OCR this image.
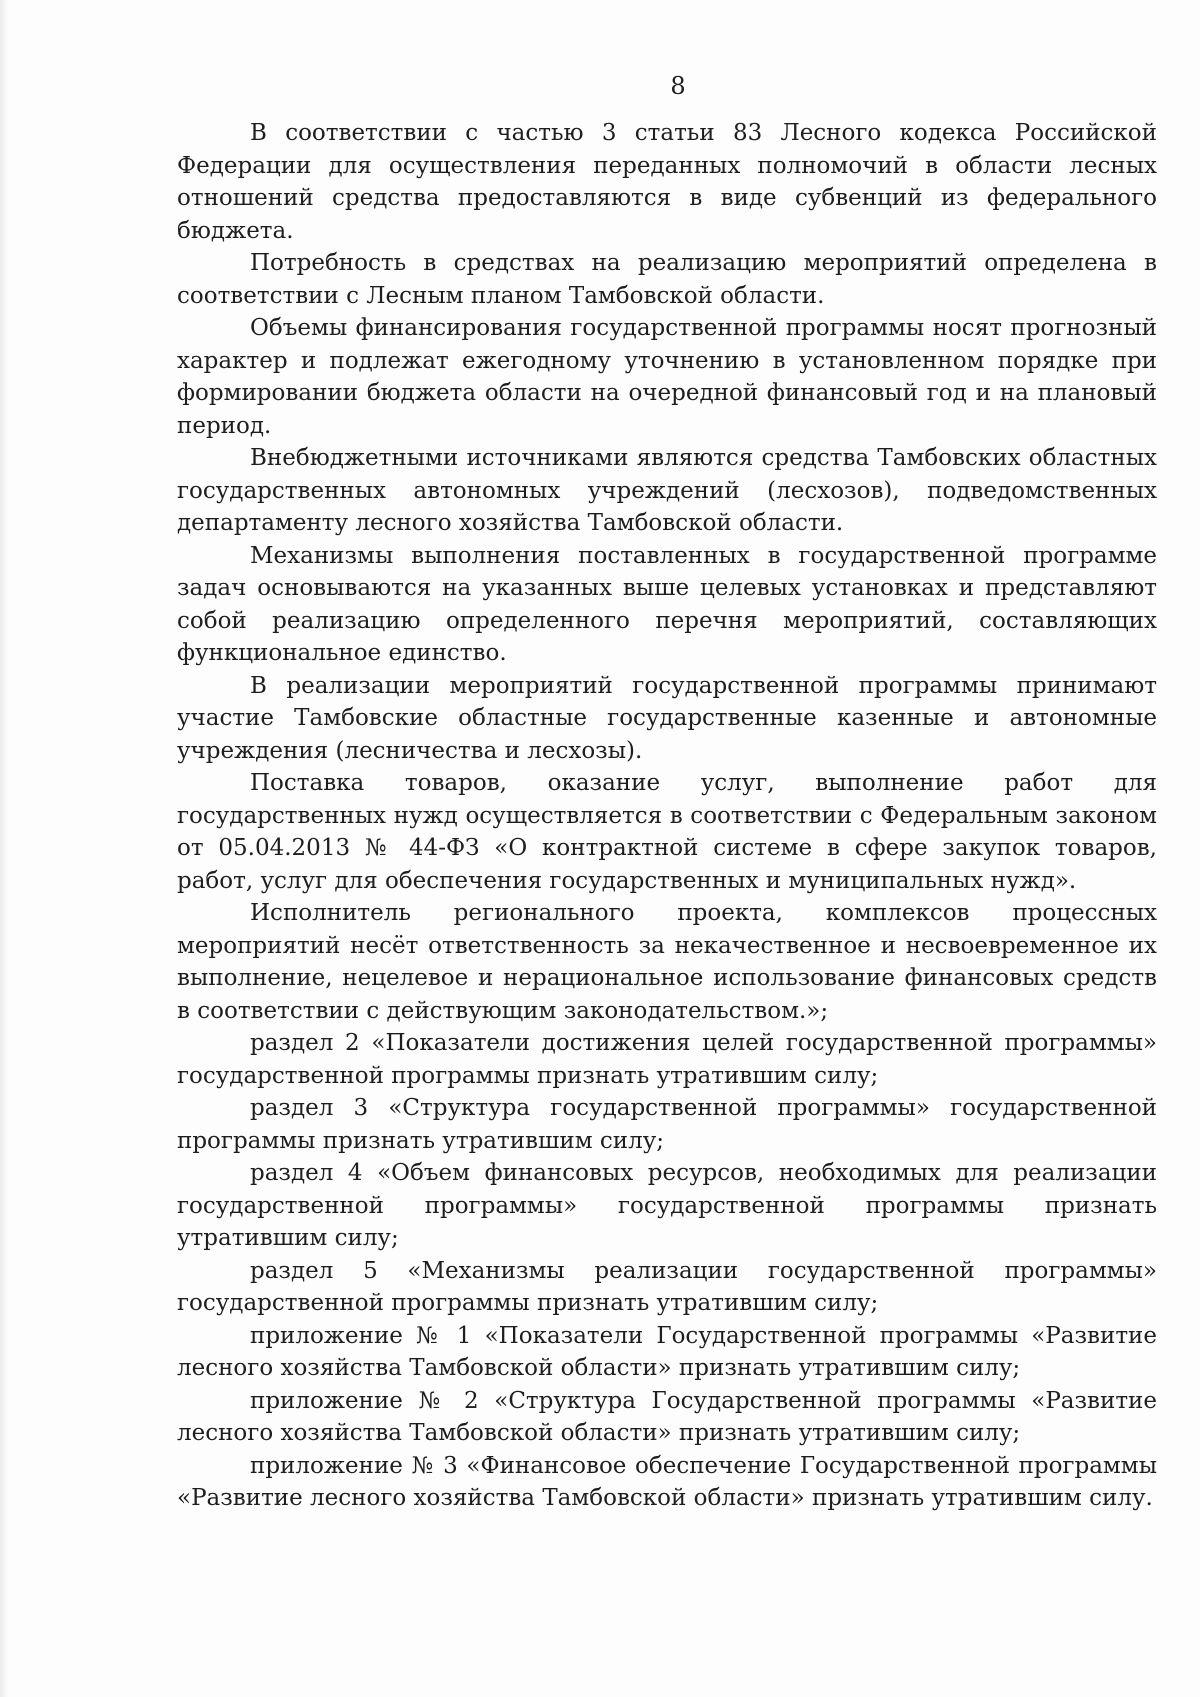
8

В соответствии с частью 3 статьи 83 Лесного кодекса Российской Федерации для осуществления переданных полномочий в области лесных отношений средства предоставляются в виде субвенций из федерального бюджета.

Потребность в средствах на реализацию мероприятий определена в соответствии с Лесным планом Тамбовской области.

Объемы финансирования государственной программы носят прогнозный характер и подлежат ежегодному уточнению в установленном порядке при формировании бюджета области на очередной финансовый год и на плановый период.

Внебюджетными источниками являются средства Тамбовских областных государственных автономных учреждений (лесхозов), подведомственных департаменту лесного хозяйства Тамбовской области.

Механизмы выполнения поставленных в государственной программе задач основываются на указанных выше целевых установках и представляют собой реализацию определенного перечня мероприятий, составляющих функциональное единство.

В реализации мероприятий государственной программы принимают участие Тамбовские областные государственные казенные и автономные учреждения (лесничества и лесхозы).

Поставка товаров, оказание услуг, выполнение работ для государственных нужд осуществляется в соответствии с Федеральным законом от 05.04.2013 № 44-ФЗ «О контрактной системе в сфере закупок товаров, работ, услуг для обеспечения государственных и муниципальных нужд».

Исполнитель регионального проекта, комплексов процессных мероприятий несёт ответственность за некачественное и несвоевременное их выполнение, нецелевое и нерациональное использование финансовых средств в соответствии с действующим законодательством.»;

раздел 2 «Показатели достижения целей государственной программы» государственной программы признать утратившим силу;

раздел 3 «Структура государственной программы» государственной программы признать утратившим силу;

раздел 4 «Объем финансовых ресурсов, необходимых для реализации государственной программы» государственной программы признать утратившим силу;

раздел 5 «Механизмы реализации государственной программы» государственной программы признать утратившим силу;

приложение № 1 «Показатели Государственной программы «Развитие лесного хозяйства Тамбовской области» признать утратившим силу;

приложение № 2 «Структура Государственной программы «Развитие лесного хозяйства Тамбовской области» признать утратившим силу;

приложение № 3 «Финансовое обеспечение Государственной программы «Развитие лесного хозяйства Тамбовской области» признать утратившим силу.
